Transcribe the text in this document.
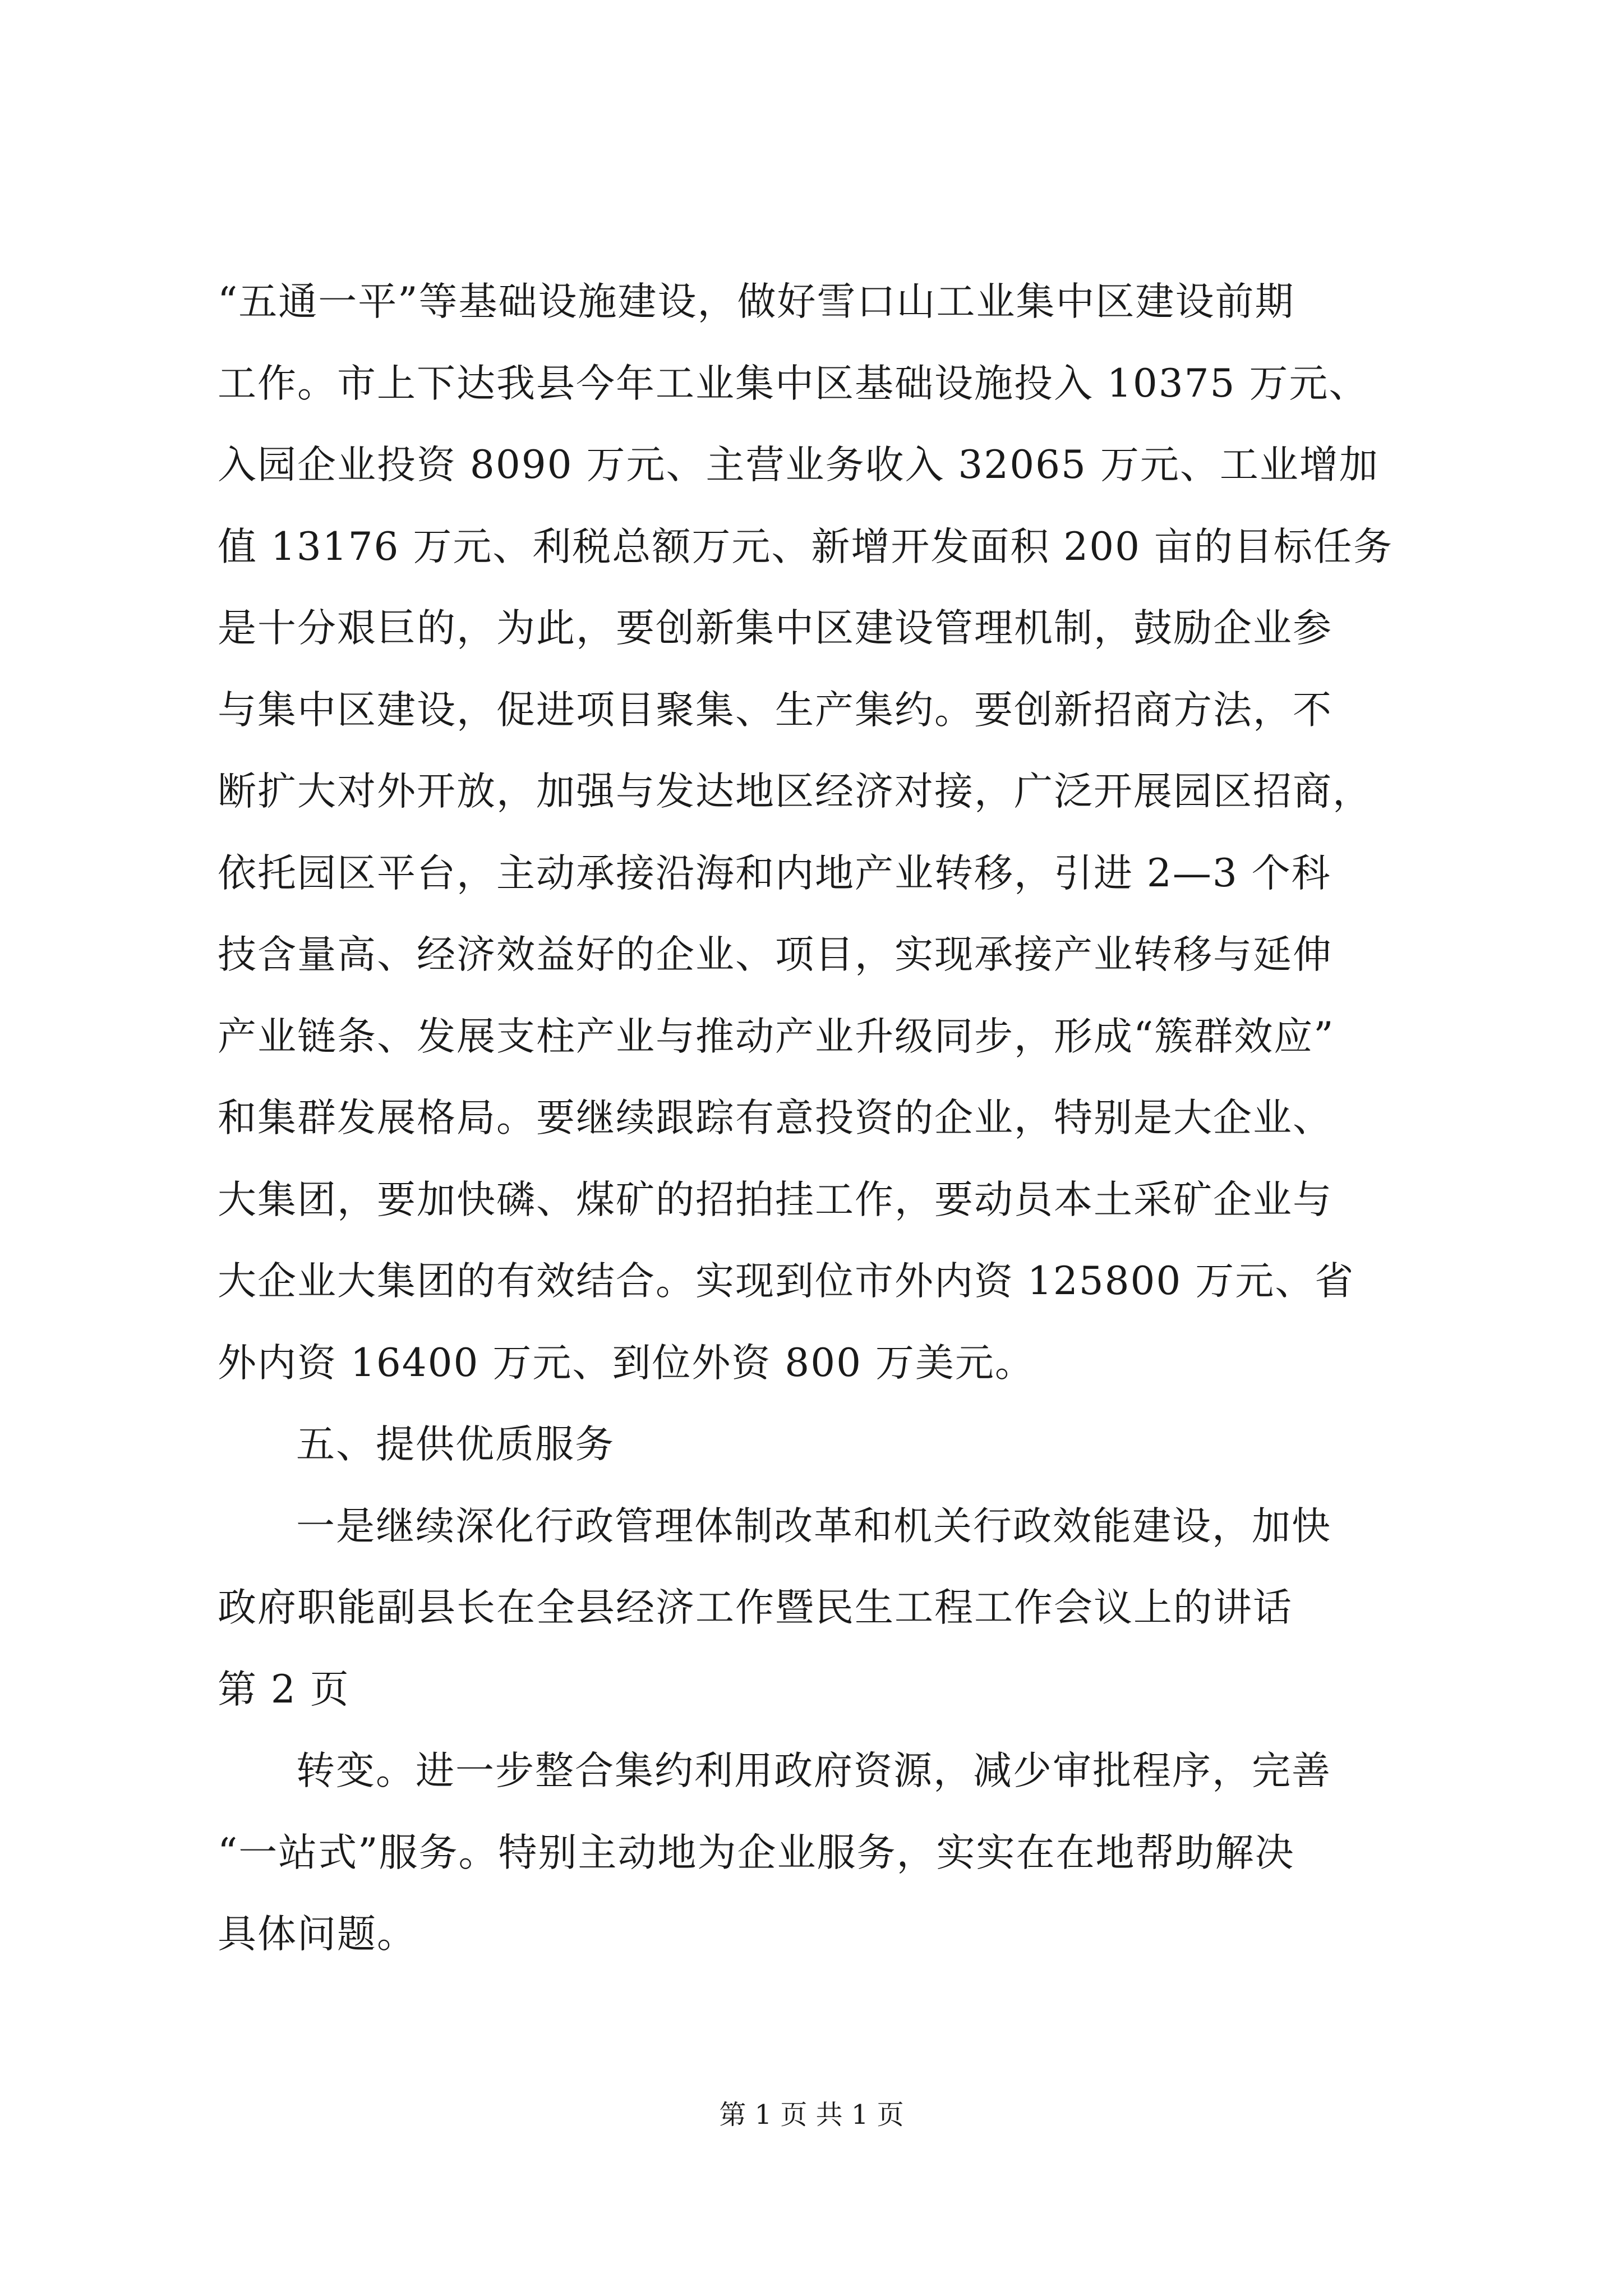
“五通一平”等基础设施建设，做好雪口山工业集中区建设前期
工作。市上下达我县今年工业集中区基础设施投入 10375 万元、
入园企业投资 8090 万元、主营业务收入 32065 万元、工业增加
值 13176 万元、利税总额万元、新增开发面积 200 亩的目标任务
是十分艰巨的，为此，要创新集中区建设管理机制，鼓励企业参
与集中区建设，促进项目聚集、生产集约。要创新招商方法，不
断扩大对外开放，加强与发达地区经济对接，广泛开展园区招商，
依托园区平台，主动承接沿海和内地产业转移，引进 2—3 个科
技含量高、经济效益好的企业、项目，实现承接产业转移与延伸
产业链条、发展支柱产业与推动产业升级同步，形成“簇群效应”
和集群发展格局。要继续跟踪有意投资的企业，特别是大企业、
大集团，要加快磷、煤矿的招拍挂工作，要动员本土采矿企业与
大企业大集团的有效结合。实现到位市外内资 125800 万元、省
外内资 16400 万元、到位外资 800 万美元。
五、提供优质服务
一是继续深化行政管理体制改革和机关行政效能建设，加快
政府职能副县长在全县经济工作暨民生工程工作会议上的讲话
第 2 页
转变。进一步整合集约利用政府资源，减少审批程序，完善
“一站式”服务。特别主动地为企业服务，实实在在地帮助解决
具体问题。
第 1 页 共 1 页
